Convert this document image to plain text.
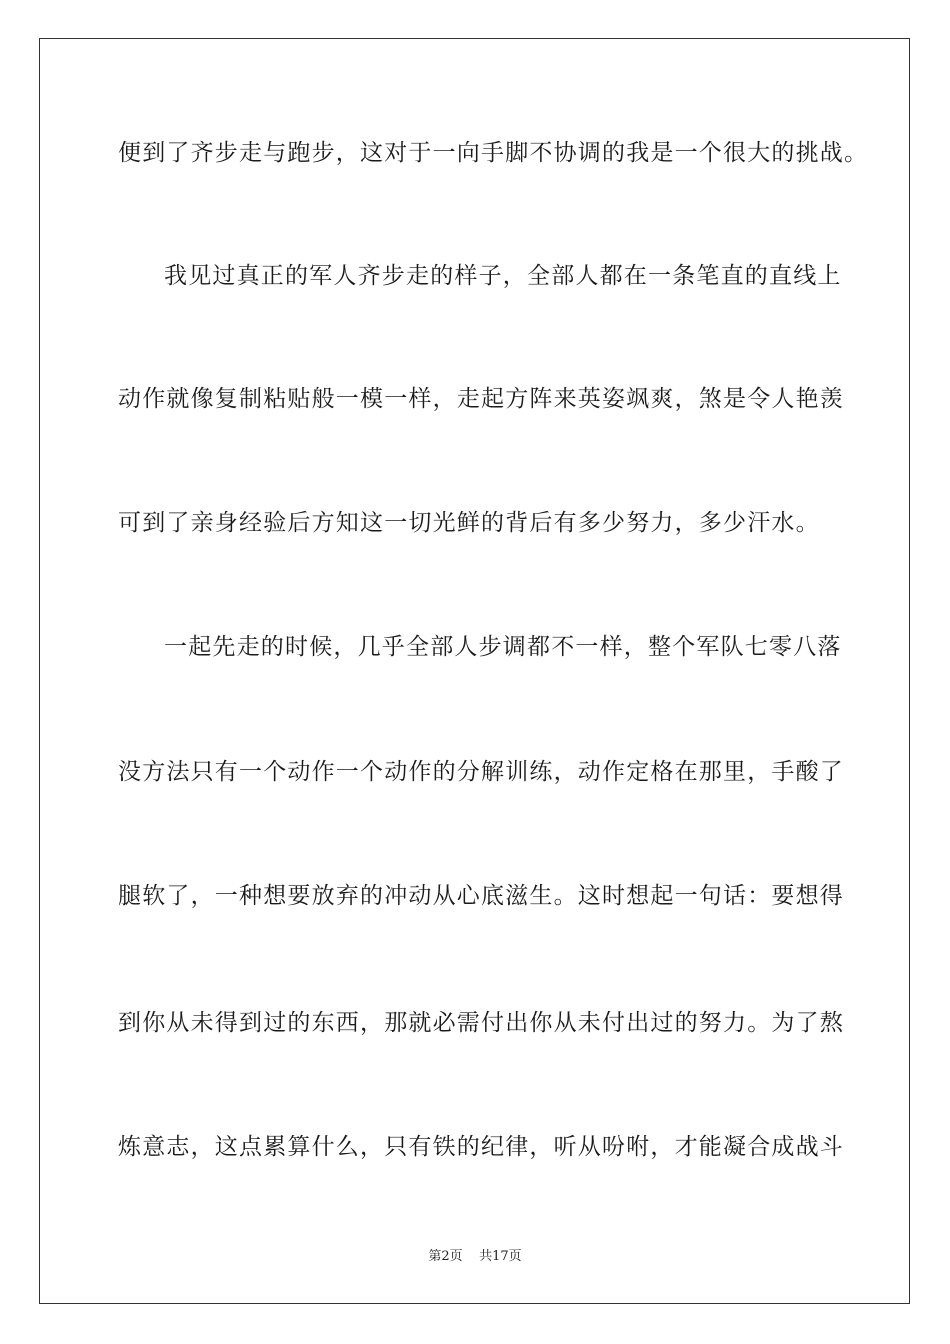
便到了齐步走与跑步，这对于一向手脚不协调的我是一个很大的挑战。
我见过真正的军人齐步走的样子，全部人都在一条笔直的直线上
动作就像复制粘贴般一模一样，走起方阵来英姿飒爽，煞是令人艳羡
可到了亲身经验后方知这一切光鲜的背后有多少努力，多少汗水。
一起先走的时候，几乎全部人步调都不一样，整个军队七零八落
没方法只有一个动作一个动作的分解训练，动作定格在那里，手酸了
腿软了，一种想要放弃的冲动从心底滋生。这时想起一句话：要想得
到你从未得到过的东西，那就必需付出你从未付出过的努力。为了熬
炼意志，这点累算什么，只有铁的纪律，听从吩咐，才能凝合成战斗
第2页    共17页
